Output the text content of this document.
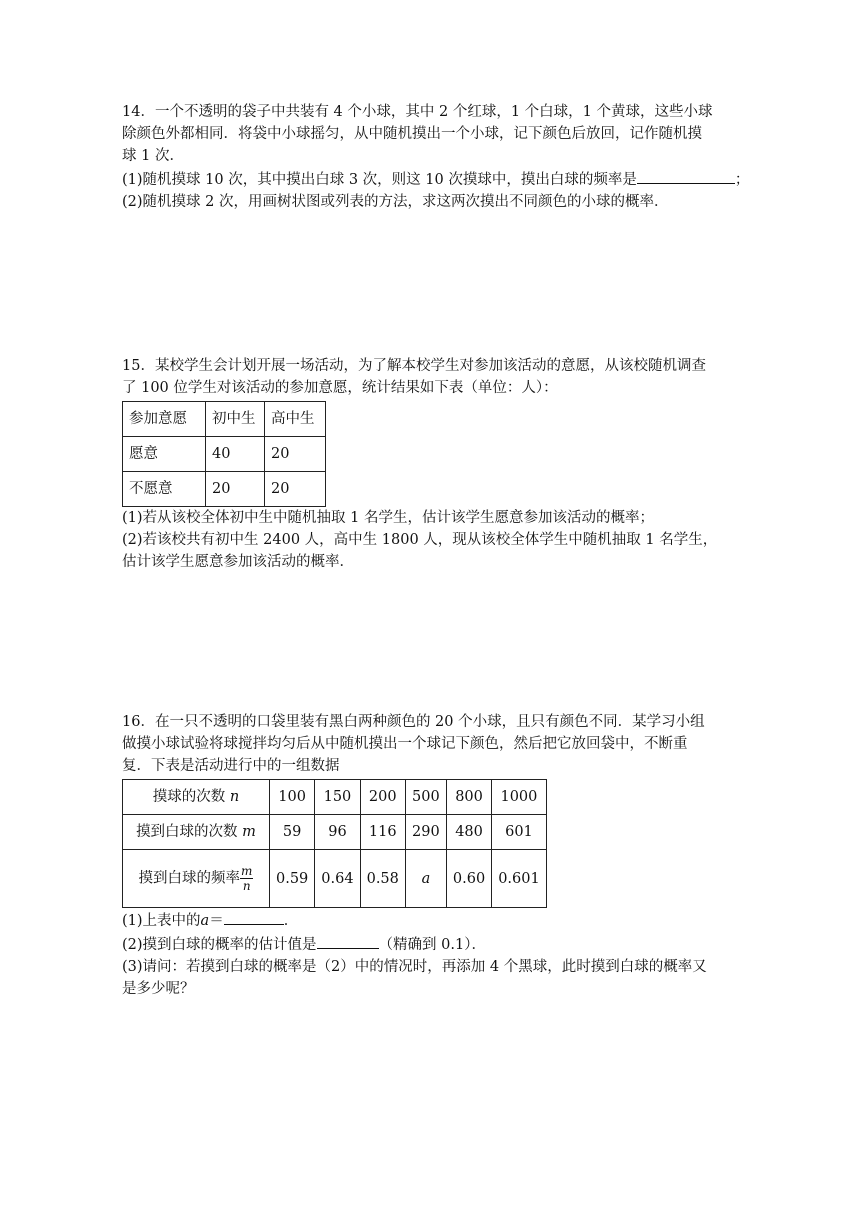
14．一个不透明的袋子中共装有 4 个小球，其中 2 个红球，1 个白球，1 个黄球，这些小球
除颜色外都相同．将袋中小球摇匀，从中随机摸出一个小球，记下颜色后放回，记作随机摸
球 1 次．
(1)随机摸球 10 次，其中摸出白球 3 次，则这 10 次摸球中，摸出白球的频率是	；
(2)随机摸球 2 次，用画树状图或列表的方法，求这两次摸出不同颜色的小球的概率．
15．某校学生会计划开展一场活动，为了解本校学生对参加该活动的意愿，从该校随机调查
了 100 位学生对该活动的参加意愿，统计结果如下表（单位：人）：
参加意愿	初中生	高中生
愿意	40	20
不愿意	20	20
(1)若从该校全体初中生中随机抽取 1 名学生，估计该学生愿意参加该活动的概率；
(2)若该校共有初中生 2400 人，高中生 1800 人，现从该校全体学生中随机抽取 1 名学生，
估计该学生愿意参加该活动的概率．
16．在一只不透明的口袋里装有黑白两种颜色的 20 个小球，且只有颜色不同．某学习小组
做摸小球试验将球搅拌均匀后从中随机摸出一个球记下颜色，然后把它放回袋中，不断重
复．下表是活动进行中的一组数据
摸球的次数 n	100	150	200	500	800	1000
摸到白球的次数 m	59	96	116	290	480	601
摸到白球的频率 $\frac{m}{n}$	0.59	0.64	0.58	a	0.60	0.601
(1)上表中的a＝	．
(2)摸到白球的概率的估计值是	（精确到 0.1）．
(3)请问：若摸到白球的概率是（2）中的情况时，再添加 4 个黑球，此时摸到白球的概率又
是多少呢？
